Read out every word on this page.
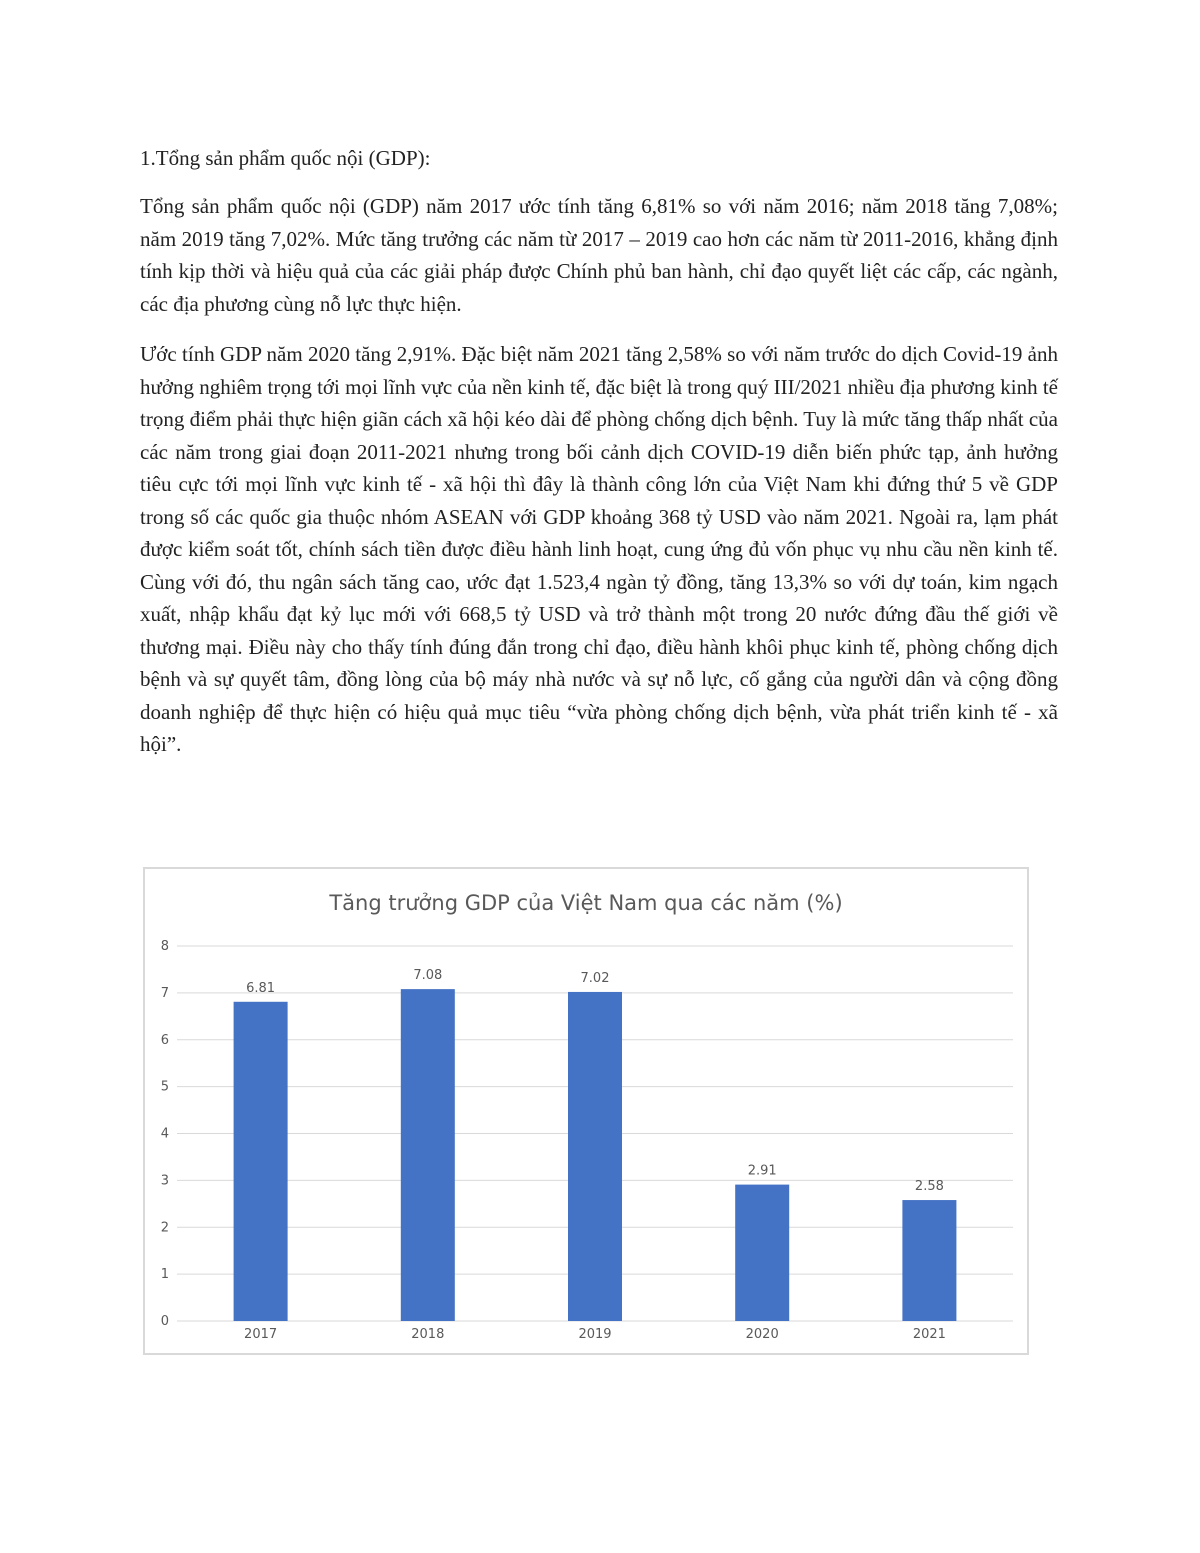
1.Tổng sản phẩm quốc nội (GDP):

Tổng sản phẩm quốc nội (GDP) năm 2017 ước tính tăng 6,81% so với năm 2016; năm 2018 tăng 7,08%; năm 2019 tăng 7,02%. Mức tăng trưởng các năm từ 2017 – 2019 cao hơn các năm từ 2011-2016, khẳng định tính kịp thời và hiệu quả của các giải pháp được Chính phủ ban hành, chỉ đạo quyết liệt các cấp, các ngành, các địa phương cùng nỗ lực thực hiện.

Ước tính GDP năm 2020 tăng 2,91%. Đặc biệt năm 2021 tăng 2,58% so với năm trước do dịch Covid-19 ảnh hưởng nghiêm trọng tới mọi lĩnh vực của nền kinh tế, đặc biệt là trong quý III/2021 nhiều địa phương kinh tế trọng điểm phải thực hiện giãn cách xã hội kéo dài để phòng chống dịch bệnh. Tuy là mức tăng thấp nhất của các năm trong giai đoạn 2011-2021 nhưng trong bối cảnh dịch COVID-19 diễn biến phức tạp, ảnh hưởng tiêu cực tới mọi lĩnh vực kinh tế - xã hội thì đây là thành công lớn của Việt Nam khi đứng thứ 5 về GDP trong số các quốc gia thuộc nhóm ASEAN với GDP khoảng 368 tỷ USD vào năm 2021. Ngoài ra, lạm phát được kiểm soát tốt, chính sách tiền được điều hành linh hoạt, cung ứng đủ vốn phục vụ nhu cầu nền kinh tế. Cùng với đó, thu ngân sách tăng cao, ước đạt 1.523,4 ngàn tỷ đồng, tăng 13,3% so với dự toán, kim ngạch xuất, nhập khẩu đạt kỷ lục mới với 668,5 tỷ USD và trở thành một trong 20 nước đứng đầu thế giới về thương mại. Điều này cho thấy tính đúng đắn trong chỉ đạo, điều hành khôi phục kinh tế, phòng chống dịch bệnh và sự quyết tâm, đồng lòng của bộ máy nhà nước và sự nỗ lực, cố gắng của người dân và cộng đồng doanh nghiệp để thực hiện có hiệu quả mục tiêu “vừa phòng chống dịch bệnh, vừa phát triển kinh tế - xã hội”.

Tăng trưởng GDP của Việt Nam qua các năm (%)
0
1
2
3
4
5
6
7
8
6.81
2017
7.08
2018
7.02
2019
2.91
2020
2.58
2021
